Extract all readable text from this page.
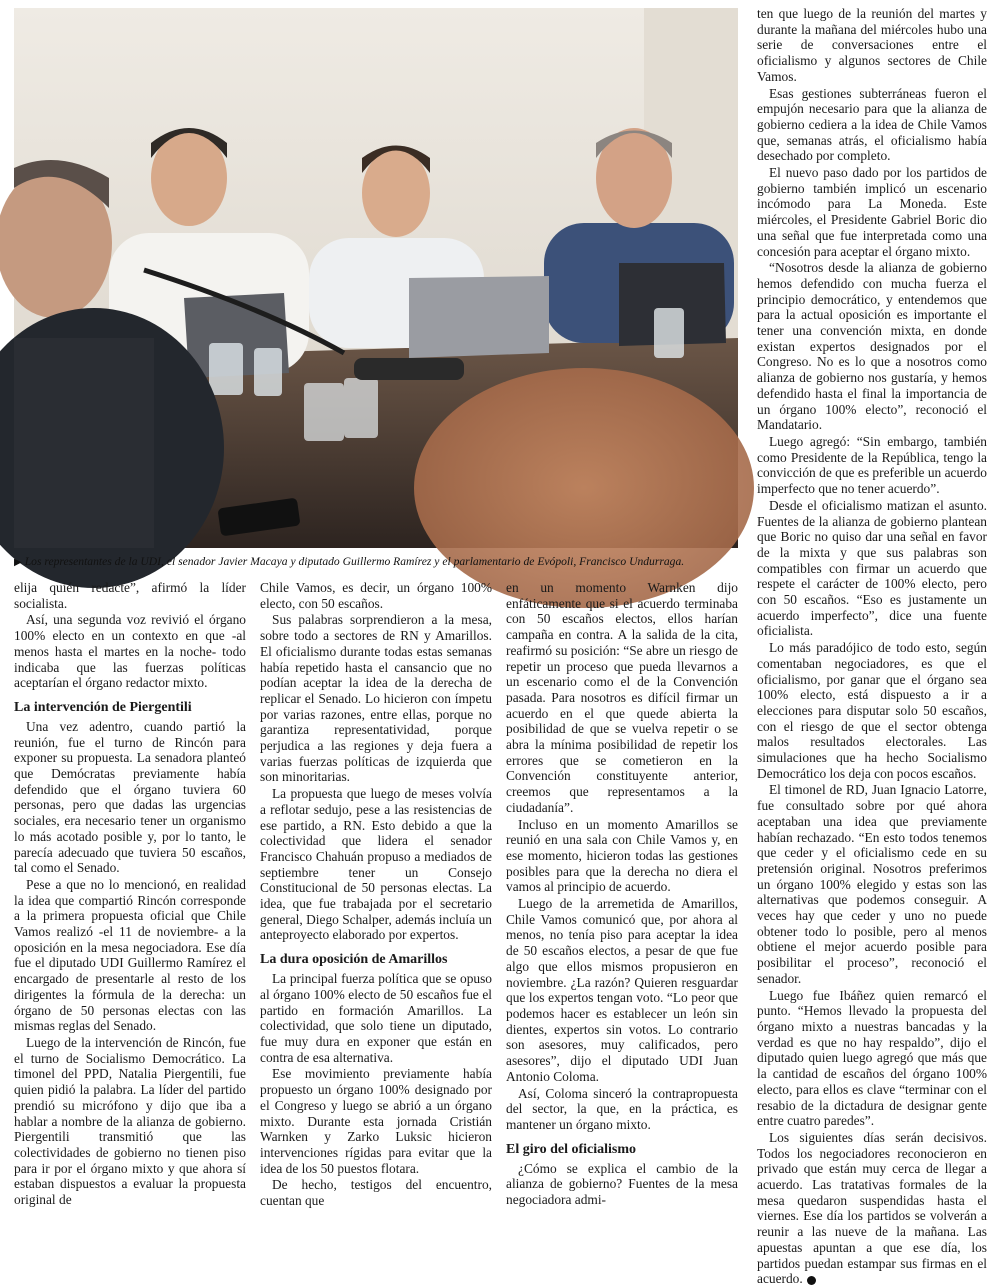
▶ Los representantes de la UDI, el senador Javier Macaya y diputado Guillermo Ramírez y el parlamentario de Evópoli, Francisco Undurraga.

elija quién redacte”, afirmó la líder socialista.

Así, una segunda voz revivió el órgano 100% electo en un contexto en que -al menos hasta el martes en la noche- todo indicaba que las fuerzas políticas aceptarían el órgano redactor mixto.

La intervención de Piergentili

Una vez adentro, cuando partió la reunión, fue el turno de Rincón para exponer su propuesta. La senadora planteó que Demócratas previamente había defendido que el órgano tuviera 60 personas, pero que dadas las urgencias sociales, era necesario tener un organismo lo más acotado posible y, por lo tanto, le parecía adecuado que tuviera 50 escaños, tal como el Senado.

Pese a que no lo mencionó, en realidad la idea que compartió Rincón corresponde a la primera propuesta oficial que Chile Vamos realizó -el 11 de noviembre- a la oposición en la mesa negociadora. Ese día fue el diputado UDI Guillermo Ramírez el encargado de presentarle al resto de los dirigentes la fórmula de la derecha: un órgano de 50 personas electas con las mismas reglas del Senado.

Luego de la intervención de Rincón, fue el turno de Socialismo Democrático. La timonel del PPD, Natalia Piergentili, fue quien pidió la palabra. La líder del partido prendió su micrófono y dijo que iba a hablar a nombre de la alianza de gobierno. Piergentili transmitió que las colectividades de gobierno no tienen piso para ir por el órgano mixto y que ahora sí estaban dispuestos a evaluar la propuesta original de

Chile Vamos, es decir, un órgano 100% electo, con 50 escaños.

Sus palabras sorprendieron a la mesa, sobre todo a sectores de RN y Amarillos. El oficialismo durante todas estas semanas había repetido hasta el cansancio que no podían aceptar la idea de la derecha de replicar el Senado. Lo hicieron con ímpetu por varias razones, entre ellas, porque no garantiza representatividad, porque perjudica a las regiones y deja fuera a varias fuerzas políticas de izquierda que son minoritarias.

La propuesta que luego de meses volvía a reflotar sedujo, pese a las resistencias de ese partido, a RN. Esto debido a que la colectividad que lidera el senador Francisco Chahuán propuso a mediados de septiembre tener un Consejo Constitucional de 50 personas electas. La idea, que fue trabajada por el secretario general, Diego Schalper, además incluía un anteproyecto elaborado por expertos.

La dura oposición de Amarillos

La principal fuerza política que se opuso al órgano 100% electo de 50 escaños fue el partido en formación Amarillos. La colectividad, que solo tiene un diputado, fue muy dura en exponer que están en contra de esa alternativa.

Ese movimiento previamente había propuesto un órgano 100% designado por el Congreso y luego se abrió a un órgano mixto. Durante esta jornada Cristián Warnken y Zarko Luksic hicieron intervenciones rígidas para evitar que la idea de los 50 puestos flotara.

De hecho, testigos del encuentro, cuentan que

en un momento Warnken dijo enfáticamente que si el acuerdo terminaba con 50 escaños electos, ellos harían campaña en contra. A la salida de la cita, reafirmó su posición: “Se abre un riesgo de repetir un proceso que pueda llevarnos a un escenario como el de la Convención pasada. Para nosotros es difícil firmar un acuerdo en el que quede abierta la posibilidad de que se vuelva repetir o se abra la mínima posibilidad de repetir los errores que se cometieron en la Convención constituyente anterior, creemos que representamos a la ciudadanía”.

Incluso en un momento Amarillos se reunió en una sala con Chile Vamos y, en ese momento, hicieron todas las gestiones posibles para que la derecha no diera el vamos al principio de acuerdo.

Luego de la arremetida de Amarillos, Chile Vamos comunicó que, por ahora al menos, no tenía piso para aceptar la idea de 50 escaños electos, a pesar de que fue algo que ellos mismos propusieron en noviembre. ¿La razón? Quieren resguardar que los expertos tengan voto. “Lo peor que podemos hacer es establecer un león sin dientes, expertos sin votos. Lo contrario son asesores, muy calificados, pero asesores”, dijo el diputado UDI Juan Antonio Coloma.

Así, Coloma sinceró la contrapropuesta del sector, la que, en la práctica, es mantener un órgano mixto.

El giro del oficialismo

¿Cómo se explica el cambio de la alianza de gobierno? Fuentes de la mesa negociadora admi-

ten que luego de la reunión del martes y durante la mañana del miércoles hubo una serie de conversaciones entre el oficialismo y algunos sectores de Chile Vamos.

Esas gestiones subterráneas fueron el empujón necesario para que la alianza de gobierno cediera a la idea de Chile Vamos que, semanas atrás, el oficialismo había desechado por completo.

El nuevo paso dado por los partidos de gobierno también implicó un escenario incómodo para La Moneda. Este miércoles, el Presidente Gabriel Boric dio una señal que fue interpretada como una concesión para aceptar el órgano mixto.

“Nosotros desde la alianza de gobierno hemos defendido con mucha fuerza el principio democrático, y entendemos que para la actual oposición es importante el tener una convención mixta, en donde existan expertos designados por el Congreso. No es lo que a nosotros como alianza de gobierno nos gustaría, y hemos defendido hasta el final la importancia de un órgano 100% electo”, reconoció el Mandatario.

Luego agregó: “Sin embargo, también como Presidente de la República, tengo la convicción de que es preferible un acuerdo imperfecto que no tener acuerdo”.

Desde el oficialismo matizan el asunto. Fuentes de la alianza de gobierno plantean que Boric no quiso dar una señal en favor de la mixta y que sus palabras son compatibles con firmar un acuerdo que respete el carácter de 100% electo, pero con 50 escaños. “Eso es justamente un acuerdo imperfecto”, dice una fuente oficialista.

Lo más paradójico de todo esto, según comentaban negociadores, es que el oficialismo, por ganar que el órgano sea 100% electo, está dispuesto a ir a elecciones para disputar solo 50 escaños, con el riesgo de que el sector obtenga malos resultados electorales. Las simulaciones que ha hecho Socialismo Democrático los deja con pocos escaños.

El timonel de RD, Juan Ignacio Latorre, fue consultado sobre por qué ahora aceptaban una idea que previamente habían rechazado. “En esto todos tenemos que ceder y el oficialismo cede en su pretensión original. Nosotros preferimos un órgano 100% elegido y estas son las alternativas que podemos conseguir. A veces hay que ceder y uno no puede obtener todo lo posible, pero al menos obtiene el mejor acuerdo posible para posibilitar el proceso”, reconoció el senador.

Luego fue Ibáñez quien remarcó el punto. “Hemos llevado la propuesta del órgano mixto a nuestras bancadas y la verdad es que no hay respaldo”, dijo el diputado quien luego agregó que más que la cantidad de escaños del órgano 100% electo, para ellos es clave “terminar con el resabio de la dictadura de designar gente entre cuatro paredes”.

Los siguientes días serán decisivos. Todos los negociadores reconocieron en privado que están muy cerca de llegar a acuerdo. Las tratativas formales de la mesa quedaron suspendidas hasta el viernes. Ese día los partidos se volverán a reunir a las nueve de la mañana. Las apuestas apuntan a que ese día, los partidos puedan estampar sus firmas en el acuerdo.
